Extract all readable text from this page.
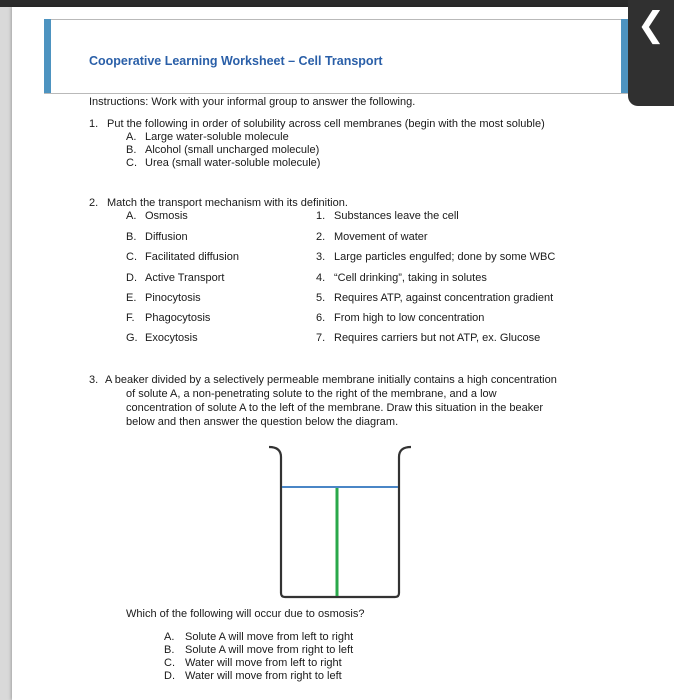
Cooperative Learning Worksheet – Cell Transport
Instructions: Work with your informal group to answer the following.
1. Put the following in order of solubility across cell membranes (begin with the most soluble)
A. Large water-soluble molecule
B. Alcohol (small uncharged molecule)
C. Urea (small water-soluble molecule)
2. Match the transport mechanism with its definition.
A. Osmosis	1. Substances leave the cell
B. Diffusion	2. Movement of water
C. Facilitated diffusion	3. Large particles engulfed; done by some WBC
D. Active Transport	4. “Cell drinking”, taking in solutes
E. Pinocytosis	5. Requires ATP, against concentration gradient
F. Phagocytosis	6. From high to low concentration
G. Exocytosis	7. Requires carriers but not ATP, ex. Glucose
3. A beaker divided by a selectively permeable membrane initially contains a high concentration
of solute A, a non-penetrating solute to the right of the membrane, and a low
concentration of solute A to the left of the membrane. Draw this situation in the beaker
below and then answer the question below the diagram.
Which of the following will occur due to osmosis?
A. Solute A will move from left to right
B. Solute A will move from right to left
C. Water will move from left to right
D. Water will move from right to left
❮
